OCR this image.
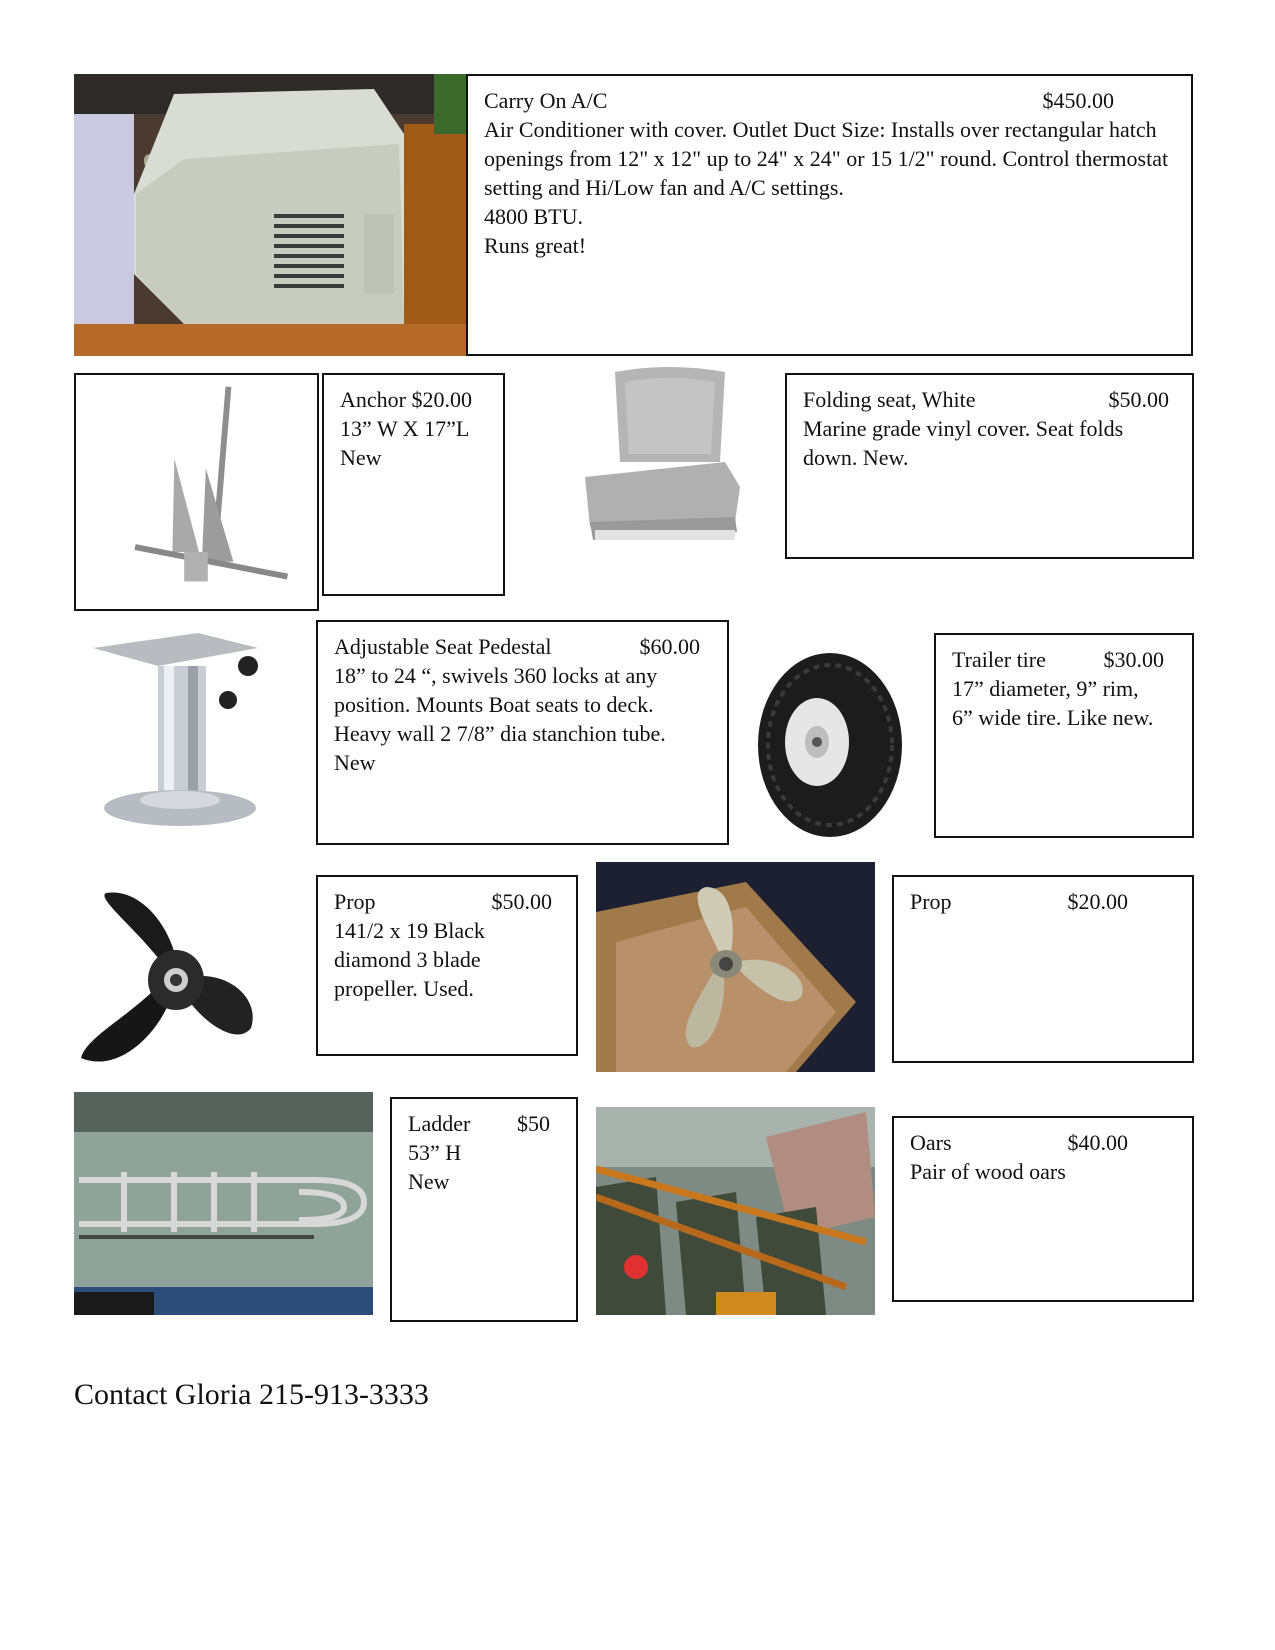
Carry On A/C	$450.00
Air Conditioner with cover. Outlet Duct Size: Installs over rectangular hatch openings from 12" x 12" up to 24" x 24" or 15 1/2" round. Control thermostat setting and Hi/Low fan and A/C settings.
4800 BTU.
Runs great!
Anchor $20.00
13” W X 17”L
New
Folding seat, White	$50.00
Marine grade vinyl cover. Seat folds down. New.
Adjustable Seat Pedestal	$60.00
18” to 24 “, swivels 360 locks at any position. Mounts Boat seats to deck. Heavy wall 2 7/8” dia stanchion tube.
New
Trailer tire	$30.00
17” diameter, 9” rim,
6” wide tire. Like new.
Prop	$50.00
141/2 x 19 Black
diamond 3 blade
propeller. Used.
Prop	$20.00
Ladder $50
53” H
New
Oars	$40.00
Pair of wood oars
Contact Gloria 215-913-3333
